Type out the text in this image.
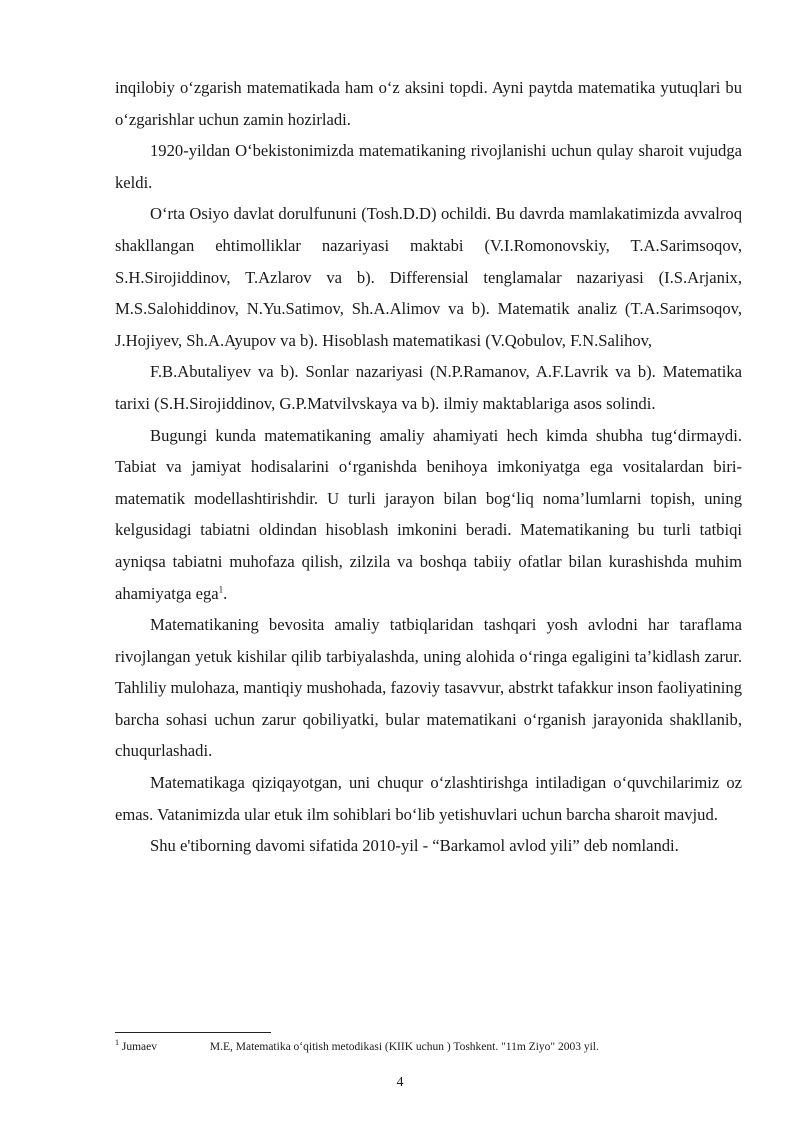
inqilobiy o‘zgarish matematikada ham o‘z aksini topdi. Ayni paytda matematika yutuqlari bu o‘zgarishlar uchun zamin hozirladi.

1920-yildan O‘bekistonimizda matematikaning rivojlanishi uchun qulay sharoit vujudga keldi.

O‘rta Osiyo davlat dorulfununi (Tosh.D.D) ochildi. Bu davrda mamlakatimizda avvalroq shakllangan ehtimolliklar nazariyasi maktabi (V.I.Romonovskiy, T.A.Sarimsoqov, S.H.Sirojiddinov, T.Azlarov va b). Differensial tenglamalar nazariyasi (I.S.Arjanix, M.S.Salohiddinov, N.Yu.Satimov, Sh.A.Alimov va b). Matematik analiz (T.A.Sarimsoqov, J.Hojiyev, Sh.A.Ayupov va b). Hisoblash matematikasi (V.Qobulov, F.N.Salihov,

F.B.Abutaliyev va b). Sonlar nazariyasi (N.P.Ramanov, A.F.Lavrik va b). Matematika tarixi (S.H.Sirojiddinov, G.P.Matvilvskaya va b). ilmiy maktablariga asos solindi.

Bugungi kunda matematikaning amaliy ahamiyati hech kimda shubha tug‘dirmaydi. Tabiat va jamiyat hodisalarini o‘rganishda benihoya imkoniyatga ega vositalardan biri- matematik modellashtirishdir. U turli jarayon bilan bog‘liq noma’lumlarni topish, uning kelgusidagi tabiatni oldindan hisoblash imkonini beradi. Matematikaning bu turli tatbiqi ayniqsa tabiatni muhofaza qilish, zilzila va boshqa tabiiy ofatlar bilan kurashishda muhim ahamiyatga ega$^1$.

Matematikaning bevosita amaliy tatbiqlaridan tashqari yosh avlodni har taraflama rivojlangan yetuk kishilar qilib tarbiyalashda, uning alohida o‘ringa egaligini ta’kidlash zarur. Tahliliy mulohaza, mantiqiy mushohada, fazoviy tasavvur, abstrkt tafakkur inson faoliyatining barcha sohasi uchun zarur qobiliyatki, bular matematikani o‘rganish jarayonida shakllanib, chuqurlashadi.

Matematikaga qiziqayotgan, uni chuqur o‘zlashtirishga intiladigan o‘quvchilarimiz oz emas. Vatanimizda ular etuk ilm sohiblari bo‘lib yetishuvlari uchun barcha sharoit mavjud.

Shu e'tiborning davomi sifatida 2010-yil - “Barkamol avlod yili” deb nomlandi.

$^1$ Jumaev	M.E, Matematika o‘qitish metodikasi (KIIK uchun ) Toshkent. "11m Ziyo" 2003 yil.
4
